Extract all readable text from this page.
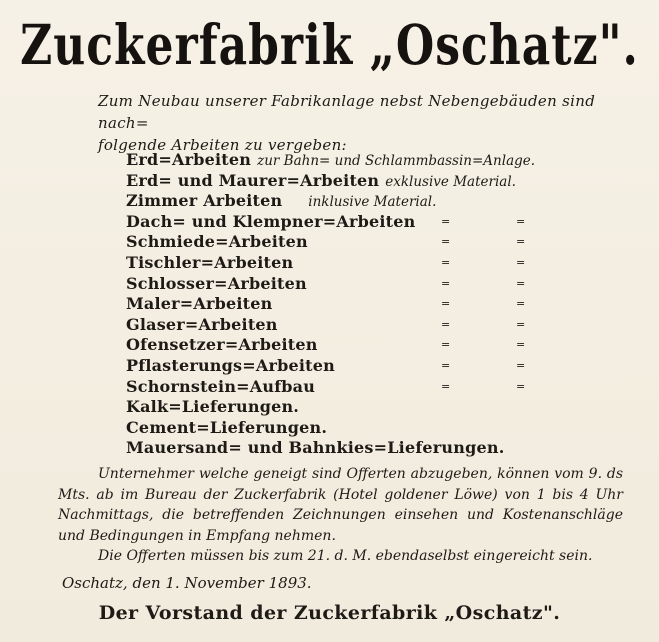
Zuckerfabrik „Oschatz".
Zum Neubau unserer Fabrikanlage nebst Nebengebäuden sind nach=

folgende Arbeiten zu vergeben:
Erd=Arbeiten zur Bahn= und Schlammbassin=Anlage.
Erd= und Maurer=Arbeiten exklusive Material.
Zimmer Arbeiten inklusive Material.
Dach= und Klempner=Arbeiten =	=
Schmiede=Arbeiten	=	=
Tischler=Arbeiten	=	=
Schlosser=Arbeiten	=	=
Maler=Arbeiten	=	=
Glaser=Arbeiten	=	=
Ofensetzer=Arbeiten	=	=
Pflasterungs=Arbeiten	=	=
Schornstein=Aufbau	=	=
Kalk=Lieferungen.
Cement=Lieferungen.
Mauersand= und Bahnkies=Lieferungen.
Unternehmer welche geneigt sind Offerten abzugeben, können vom 9. ds Mts. ab im Bureau der Zuckerfabrik (Hotel goldener Löwe) von 1 bis 4 Uhr Nachmittags, die betreffenden Zeichnungen einsehen und Kostenanschläge und Bedingungen in Empfang nehmen.
Die Offerten müssen bis zum 21. d. M. ebendaselbst eingereicht sein.
Oschatz, den 1. November 1893.
Der Vorstand der Zuckerfabrik „Oschatz".
